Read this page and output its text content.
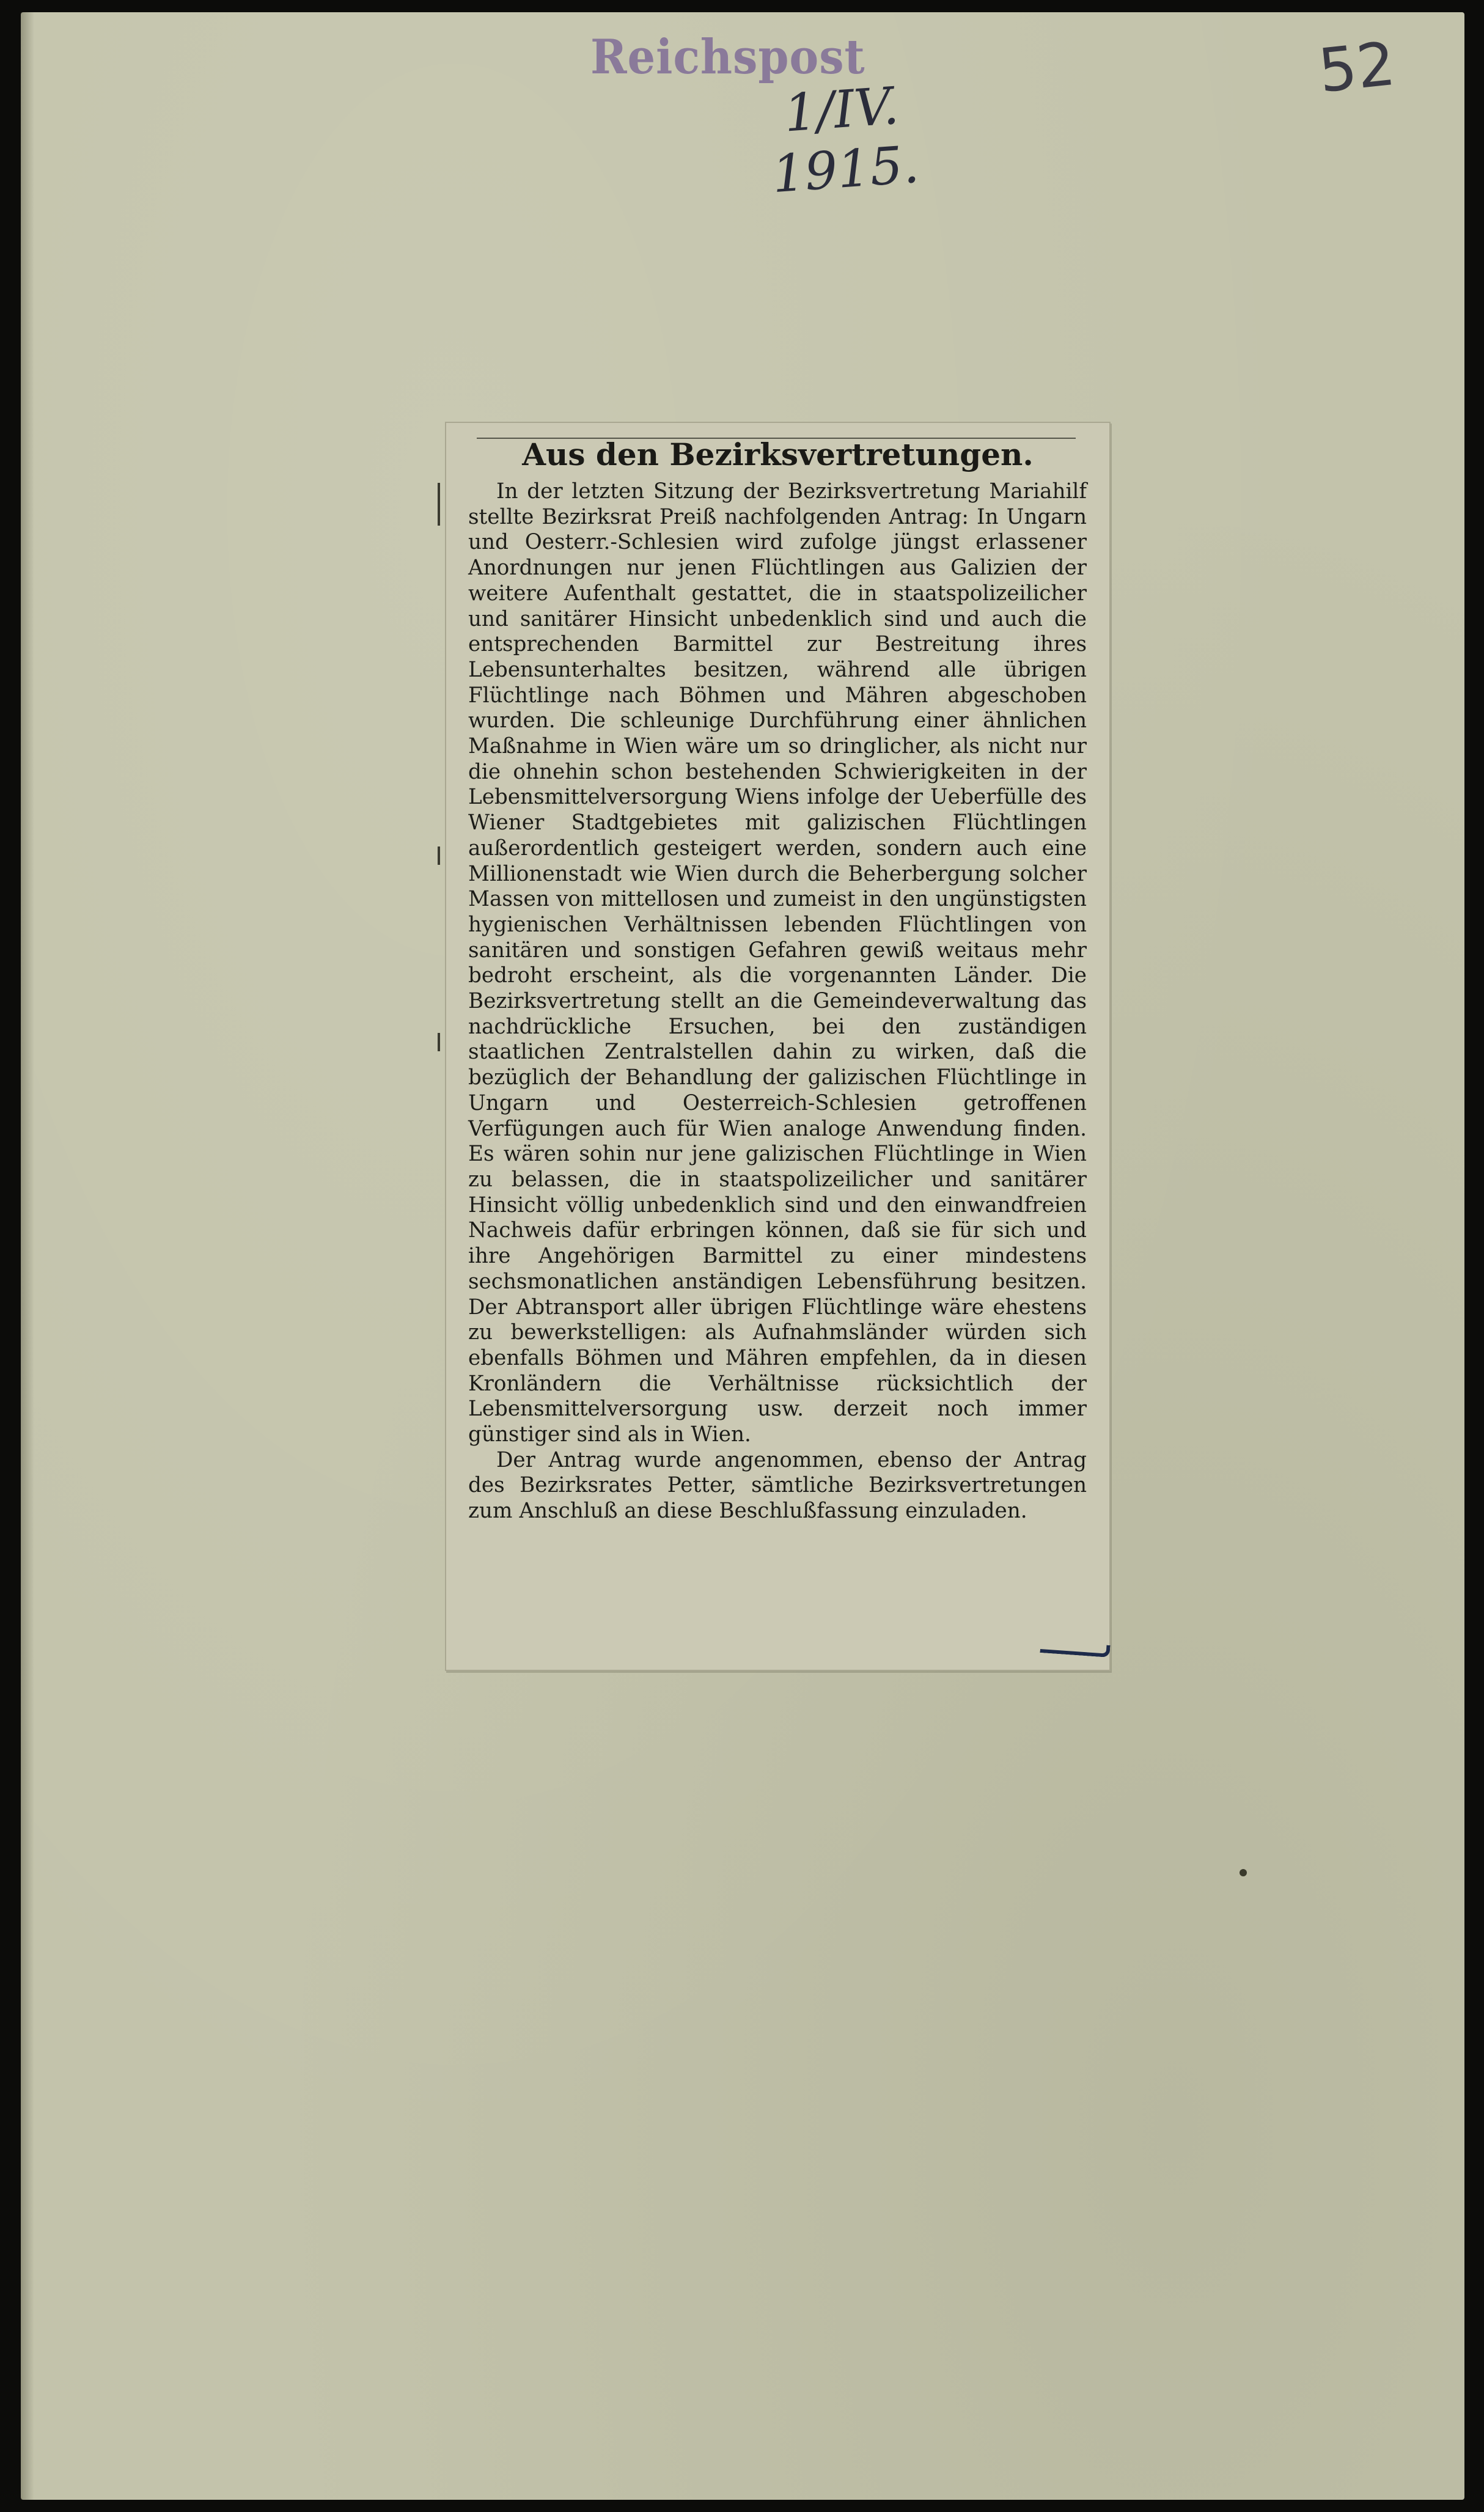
Reichspost
1/IV. 1915.
52
Aus den Bezirksvertretungen.

In der letzten Sitzung der Bezirksvertretung Mariahilf stellte Bezirksrat Preiß nachfolgenden Antrag: In Ungarn und Oesterr.-Schlesien wird zufolge jüngst erlassener Anordnungen nur jenen Flüchtlingen aus Galizien der weitere Aufenthalt gestattet, die in staatspolizeilicher und sanitärer Hinsicht unbedenklich sind und auch die entsprechenden Barmittel zur Bestreitung ihres Lebensunterhaltes besitzen, während alle übrigen Flüchtlinge nach Böhmen und Mähren abgeschoben wurden. Die schleunige Durchführung einer ähnlichen Maßnahme in Wien wäre um so dringlicher, als nicht nur die ohnehin schon bestehenden Schwierigkeiten in der Lebensmittelversorgung Wiens infolge der Ueberfülle des Wiener Stadtgebietes mit galizischen Flüchtlingen außerordentlich gesteigert werden, sondern auch eine Millionenstadt wie Wien durch die Beherbergung solcher Massen von mittellosen und zumeist in den ungünstigsten hygienischen Verhältnissen lebenden Flüchtlingen von sanitären und sonstigen Gefahren gewiß weitaus mehr bedroht erscheint, als die vorgenannten Länder. Die Bezirksvertretung stellt an die Gemeindeverwaltung das nachdrückliche Ersuchen, bei den zuständigen staatlichen Zentralstellen dahin zu wirken, daß die bezüglich der Behandlung der galizischen Flüchtlinge in Ungarn und Oesterreich-Schlesien getroffenen Verfügungen auch für Wien analoge Anwendung finden. Es wären sohin nur jene galizischen Flüchtlinge in Wien zu belassen, die in staatspolizeilicher und sanitärer Hinsicht völlig unbedenklich sind und den einwandfreien Nachweis dafür erbringen können, daß sie für sich und ihre Angehörigen Barmittel zu einer mindestens sechsmonatlichen anständigen Lebensführung besitzen. Der Abtransport aller übrigen Flüchtlinge wäre ehestens zu bewerkstelligen: als Aufnahmsländer würden sich ebenfalls Böhmen und Mähren empfehlen, da in diesen Kronländern die Verhältnisse rücksichtlich der Lebensmittelversorgung usw. derzeit noch immer günstiger sind als in Wien.

Der Antrag wurde angenommen, ebenso der Antrag des Bezirksrates Petter, sämtliche Bezirksvertretungen zum Anschluß an diese Beschlußfassung einzuladen.
